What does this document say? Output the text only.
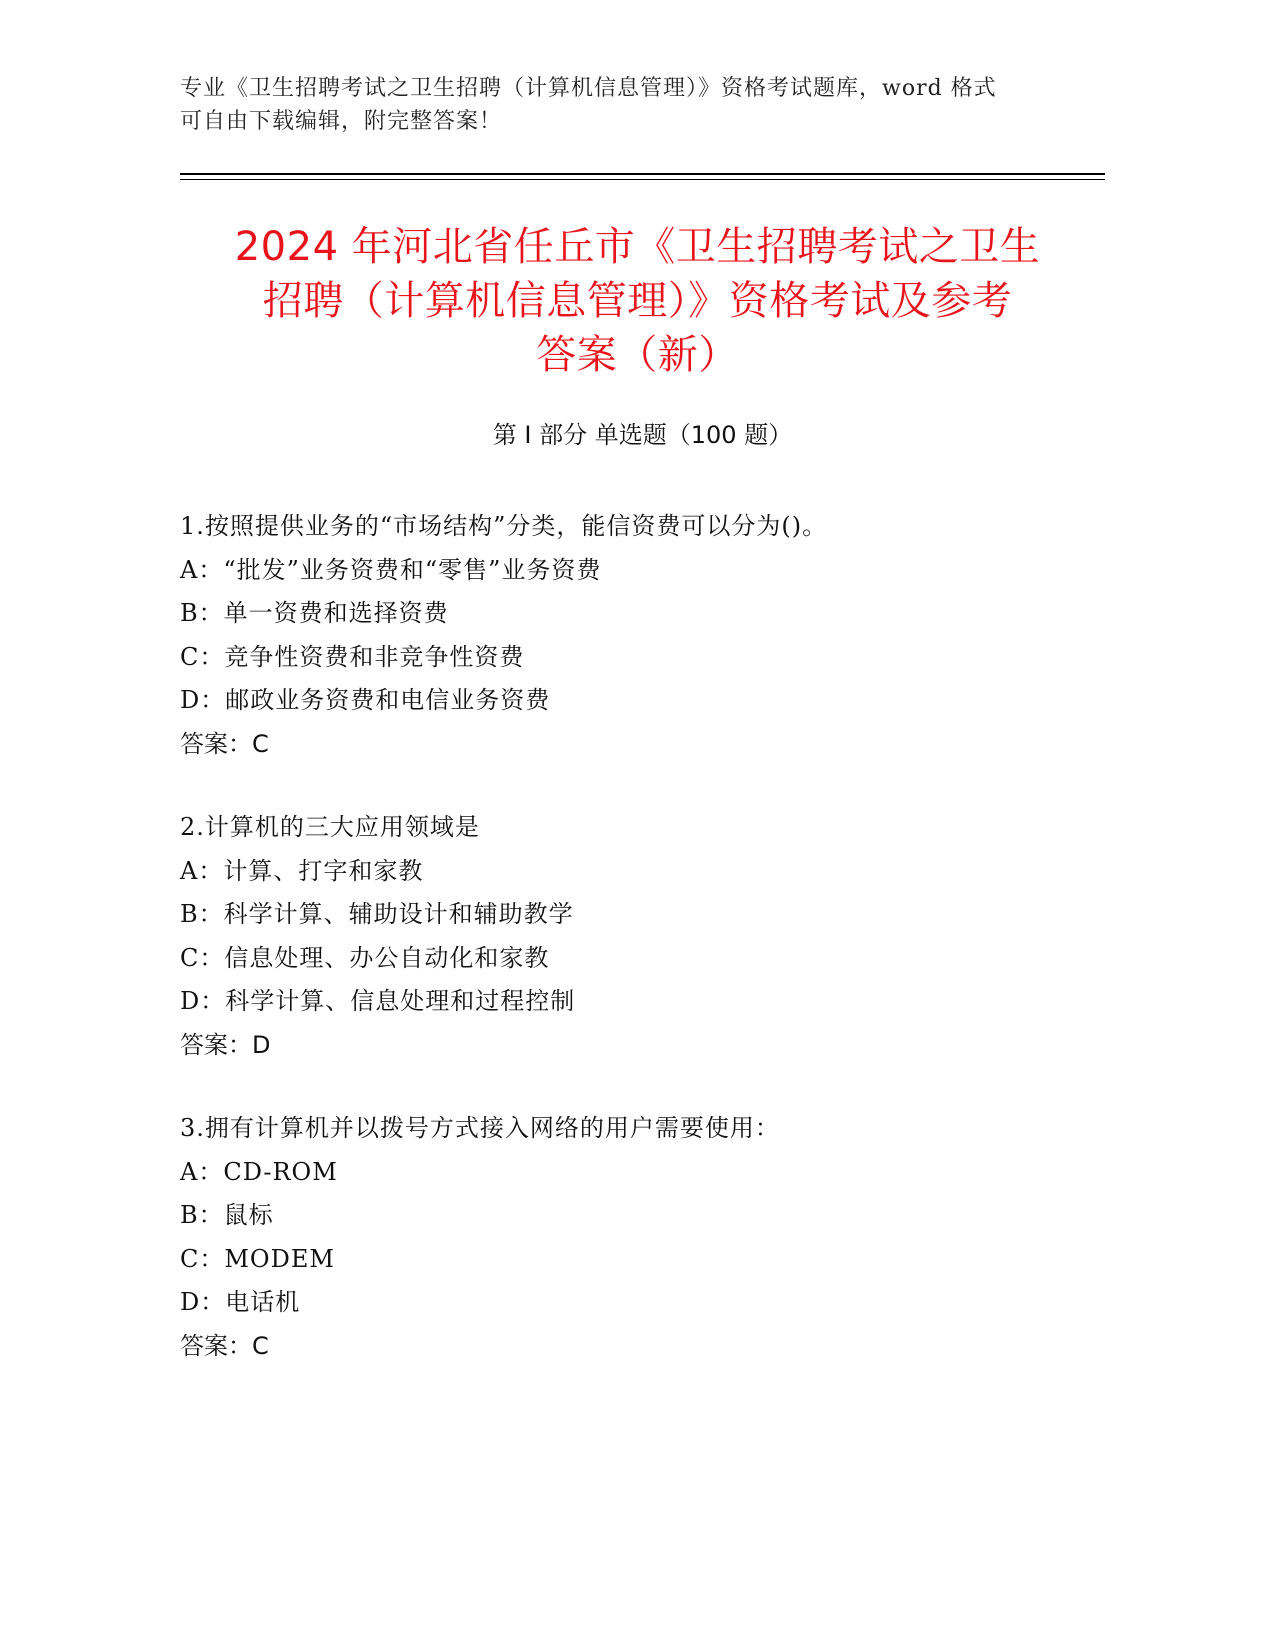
专业《卫生招聘考试之卫生招聘（计算机信息管理）》资格考试题库，word 格式
可自由下载编辑，附完整答案！
2024 年河北省任丘市《卫生招聘考试之卫生
招聘（计算机信息管理）》资格考试及参考
答案（新）
第 I 部分 单选题（100 题）
1.按照提供业务的“市场结构”分类，能信资费可以分为()。
A：“批发”业务资费和“零售”业务资费
B：单一资费和选择资费
C：竞争性资费和非竞争性资费
D：邮政业务资费和电信业务资费
答案：C
2.计算机的三大应用领域是
A：计算、打字和家教
B：科学计算、辅助设计和辅助教学
C：信息处理、办公自动化和家教
D：科学计算、信息处理和过程控制
答案：D
3.拥有计算机并以拨号方式接入网络的用户需要使用：
A：CD-ROM
B：鼠标
C：MODEM
D：电话机
答案：C
